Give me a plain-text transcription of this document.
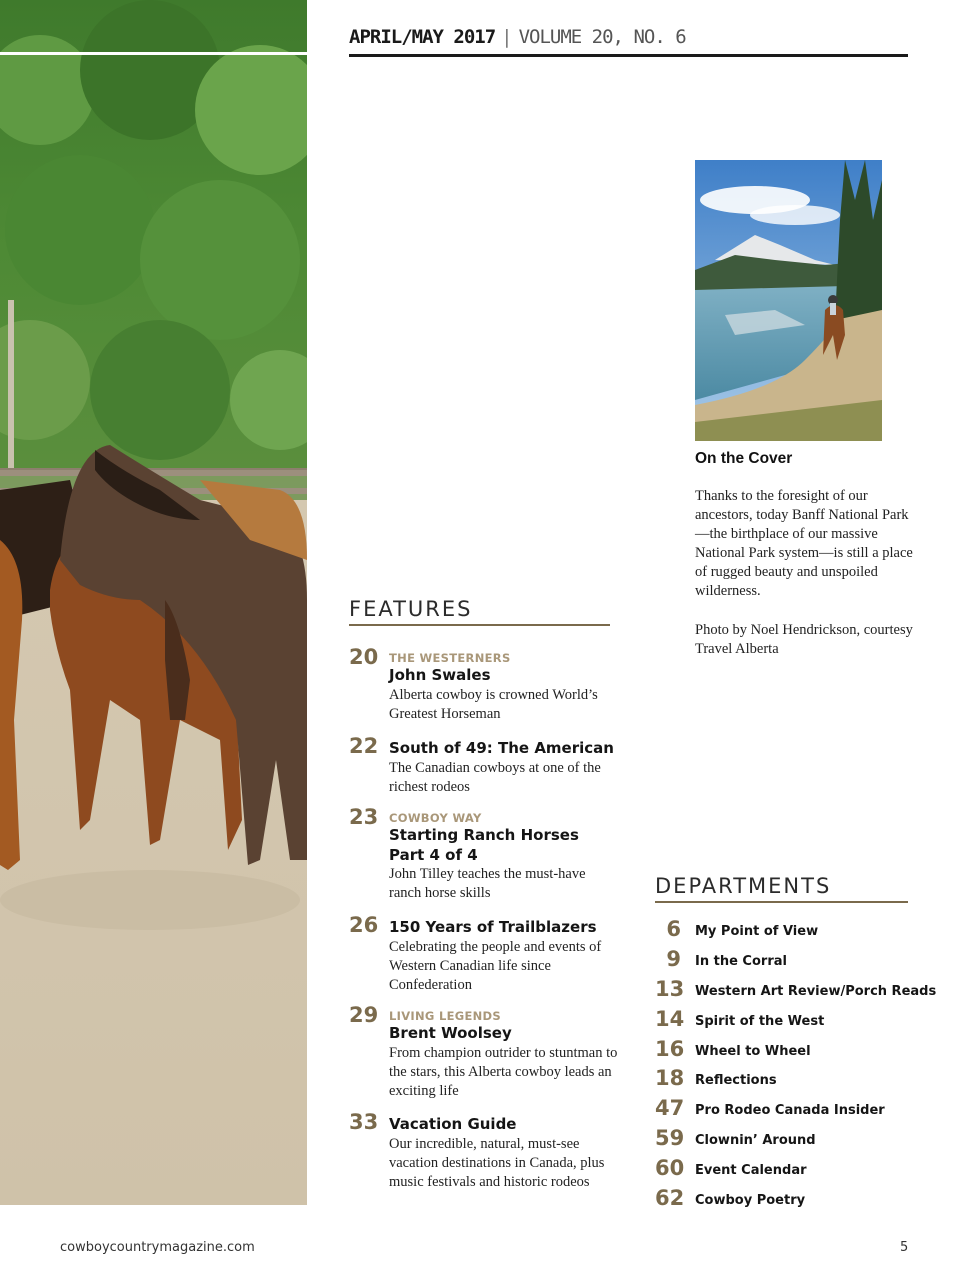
APRIL/MAY 2017 | VOLUME 20, NO. 6
On the Cover
Thanks to the foresight of our ancestors, today Banff National Park—the birthplace of our massive National Park system—is still a place of rugged beauty and unspoiled wilderness.
Photo by Noel Hendrickson, courtesy Travel Alberta
FEATURES
20 THE WESTERNERS
John Swales
Alberta cowboy is crowned World’s Greatest Horseman
22 South of 49: The American
The Canadian cowboys at one of the richest rodeos
23 COWBOY WAY
Starting Ranch Horses Part 4 of 4
John Tilley teaches the must-have ranch horse skills
26 150 Years of Trailblazers
Celebrating the people and events of Western Canadian life since Confederation
29 LIVING LEGENDS
Brent Woolsey
From champion outrider to stuntman to the stars, this Alberta cowboy leads an exciting life
33 Vacation Guide
Our incredible, natural, must-see vacation destinations in Canada, plus music festivals and historic rodeos
DEPARTMENTS
6 My Point of View
9 In the Corral
13 Western Art Review/Porch Reads
14 Spirit of the West
16 Wheel to Wheel
18 Reflections
47 Pro Rodeo Canada Insider
59 Clownin’ Around
60 Event Calendar
62 Cowboy Poetry
cowboycountrymagazine.com	5
